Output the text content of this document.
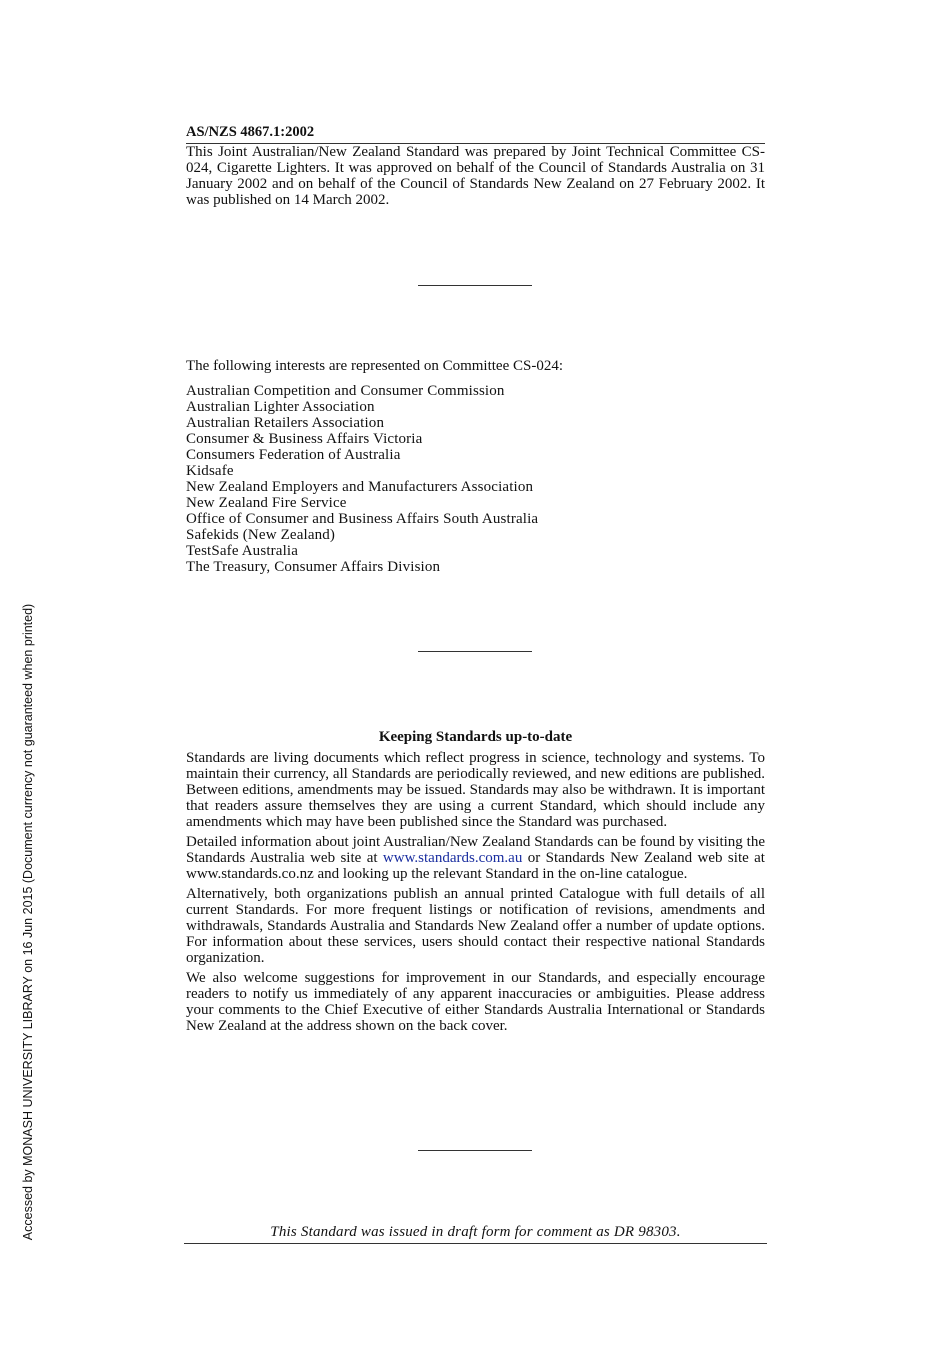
AS/NZS 4867.1:2002
This Joint Australian/New Zealand Standard was prepared by Joint Technical Committee CS-024, Cigarette Lighters. It was approved on behalf of the Council of Standards Australia on 31 January 2002 and on behalf of the Council of Standards New Zealand on 27 February 2002. It was published on 14 March 2002.
The following interests are represented on Committee CS-024:
Australian Competition and Consumer Commission
Australian Lighter Association
Australian Retailers Association
Consumer & Business Affairs Victoria
Consumers Federation of Australia
Kidsafe
New Zealand Employers and Manufacturers Association
New Zealand Fire Service
Office of Consumer and Business Affairs South Australia
Safekids (New Zealand)
TestSafe Australia
The Treasury, Consumer Affairs Division
Keeping Standards up-to-date

Standards are living documents which reflect progress in science, technology and systems. To maintain their currency, all Standards are periodically reviewed, and new editions are published. Between editions, amendments may be issued. Standards may also be withdrawn. It is important that readers assure themselves they are using a current Standard, which should include any amendments which may have been published since the Standard was purchased.

Detailed information about joint Australian/New Zealand Standards can be found by visiting the Standards Australia web site at www.standards.com.au or Standards New Zealand web site at www.standards.co.nz and looking up the relevant Standard in the on-line catalogue.

Alternatively, both organizations publish an annual printed Catalogue with full details of all current Standards. For more frequent listings or notification of revisions, amendments and withdrawals, Standards Australia and Standards New Zealand offer a number of update options. For information about these services, users should contact their respective national Standards organization.

We also welcome suggestions for improvement in our Standards, and especially encourage readers to notify us immediately of any apparent inaccuracies or ambiguities. Please address your comments to the Chief Executive of either Standards Australia International or Standards New Zealand at the address shown on the back cover.

This Standard was issued in draft form for comment as DR 98303.
Accessed by MONASH UNIVERSITY LIBRARY on 16 Jun 2015 (Document currency not guaranteed when printed)
